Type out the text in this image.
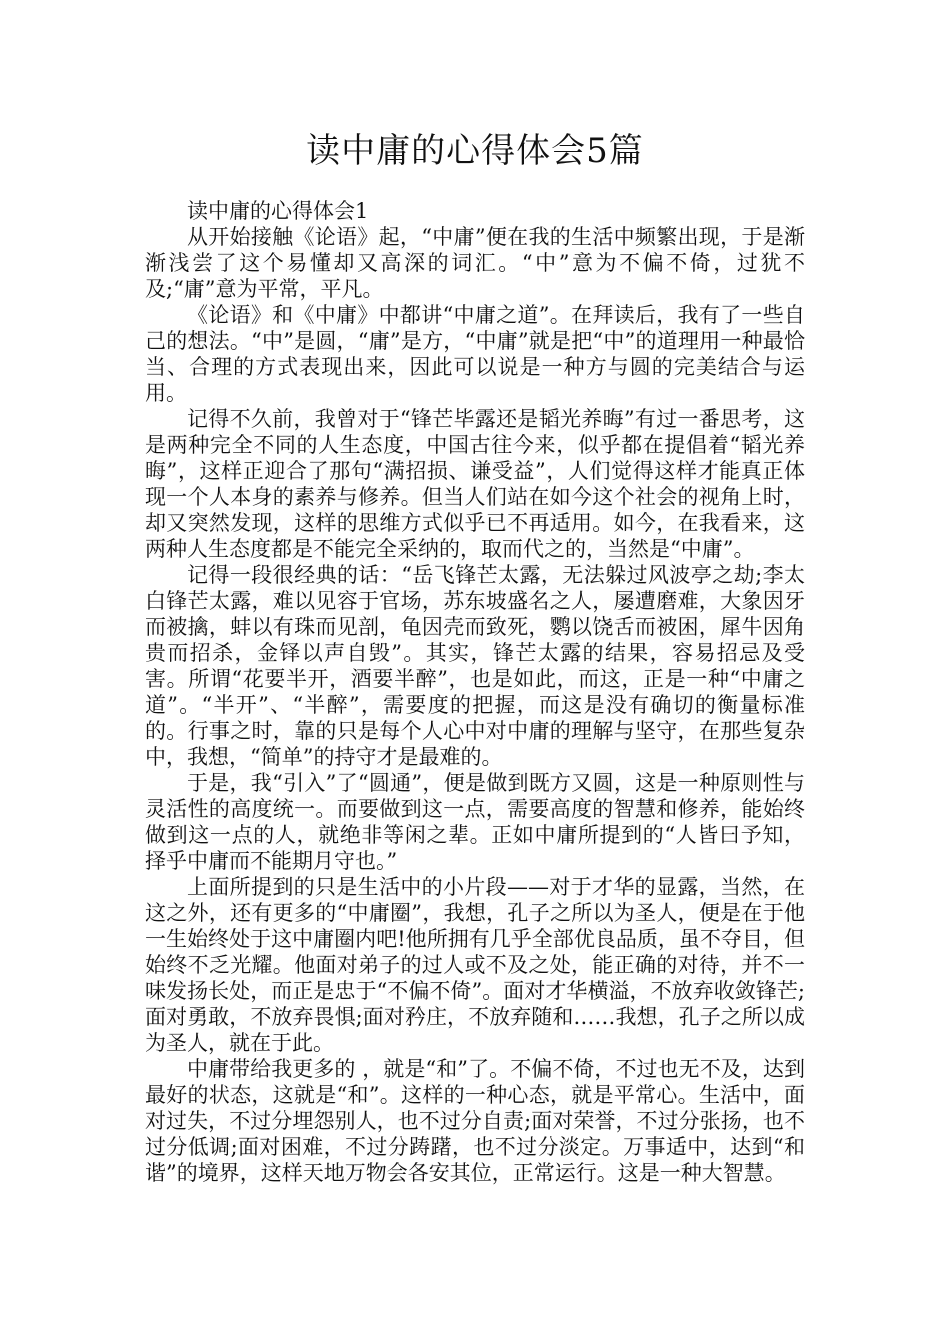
读中庸的心得体会5篇

读中庸的心得体会1

从开始接触《论语》起，“中庸”便在我的生活中频繁出现，于是渐渐浅尝了这个易懂却又高深的词汇。“中”意为不偏不倚，过犹不及;“庸”意为平常，平凡。

《论语》和《中庸》中都讲“中庸之道”。在拜读后，我有了一些自己的想法。“中”是圆，“庸”是方，“中庸”就是把“中”的道理用一种最恰当、合理的方式表现出来，因此可以说是一种方与圆的完美结合与运用。

记得不久前，我曾对于“锋芒毕露还是韬光养晦”有过一番思考，这是两种完全不同的人生态度，中国古往今来，似乎都在提倡着“韬光养晦”，这样正迎合了那句“满招损、谦受益”，人们觉得这样才能真正体现一个人本身的素养与修养。但当人们站在如今这个社会的视角上时，却又突然发现，这样的思维方式似乎已不再适用。如今，在我看来，这两种人生态度都是不能完全采纳的，取而代之的，当然是“中庸”。

记得一段很经典的话：“岳飞锋芒太露，无法躲过风波亭之劫;李太白锋芒太露，难以见容于官场，苏东坡盛名之人，屡遭磨难，大象因牙而被擒，蚌以有珠而见剖，龟因壳而致死，鹦以饶舌而被困，犀牛因角贵而招杀，金铎以声自毁”。其实，锋芒太露的结果，容易招忌及受害。所谓“花要半开，酒要半醉”，也是如此，而这，正是一种“中庸之道”。“半开”、“半醉”，需要度的把握，而这是没有确切的衡量标准的。行事之时，靠的只是每个人心中对中庸的理解与坚守，在那些复杂中，我想，“简单”的持守才是最难的。

于是，我“引入”了“圆通”，便是做到既方又圆，这是一种原则性与灵活性的高度统一。而要做到这一点，需要高度的智慧和修养，能始终做到这一点的人，就绝非等闲之辈。正如中庸所提到的“人皆曰予知，择乎中庸而不能期月守也。”

上面所提到的只是生活中的小片段——对于才华的显露，当然，在这之外，还有更多的“中庸圈”，我想，孔子之所以为圣人，便是在于他一生始终处于这中庸圈内吧!他所拥有几乎全部优良品质，虽不夺目，但始终不乏光耀。他面对弟子的过人或不及之处，能正确的对待，并不一味发扬长处，而正是忠于“不偏不倚”。面对才华横溢，不放弃收敛锋芒;面对勇敢，不放弃畏惧;面对矜庄，不放弃随和……我想，孔子之所以成为圣人，就在于此。

中庸带给我更多的 ，就是“和”了。不偏不倚，不过也无不及，达到最好的状态，这就是“和”。这样的一种心态，就是平常心。生活中，面对过失，不过分埋怨别人，也不过分自责;面对荣誉，不过分张扬，也不过分低调;面对困难，不过分踌躇，也不过分淡定。万事适中，达到“和谐”的境界，这样天地万物会各安其位，正常运行。这是一种大智慧。
